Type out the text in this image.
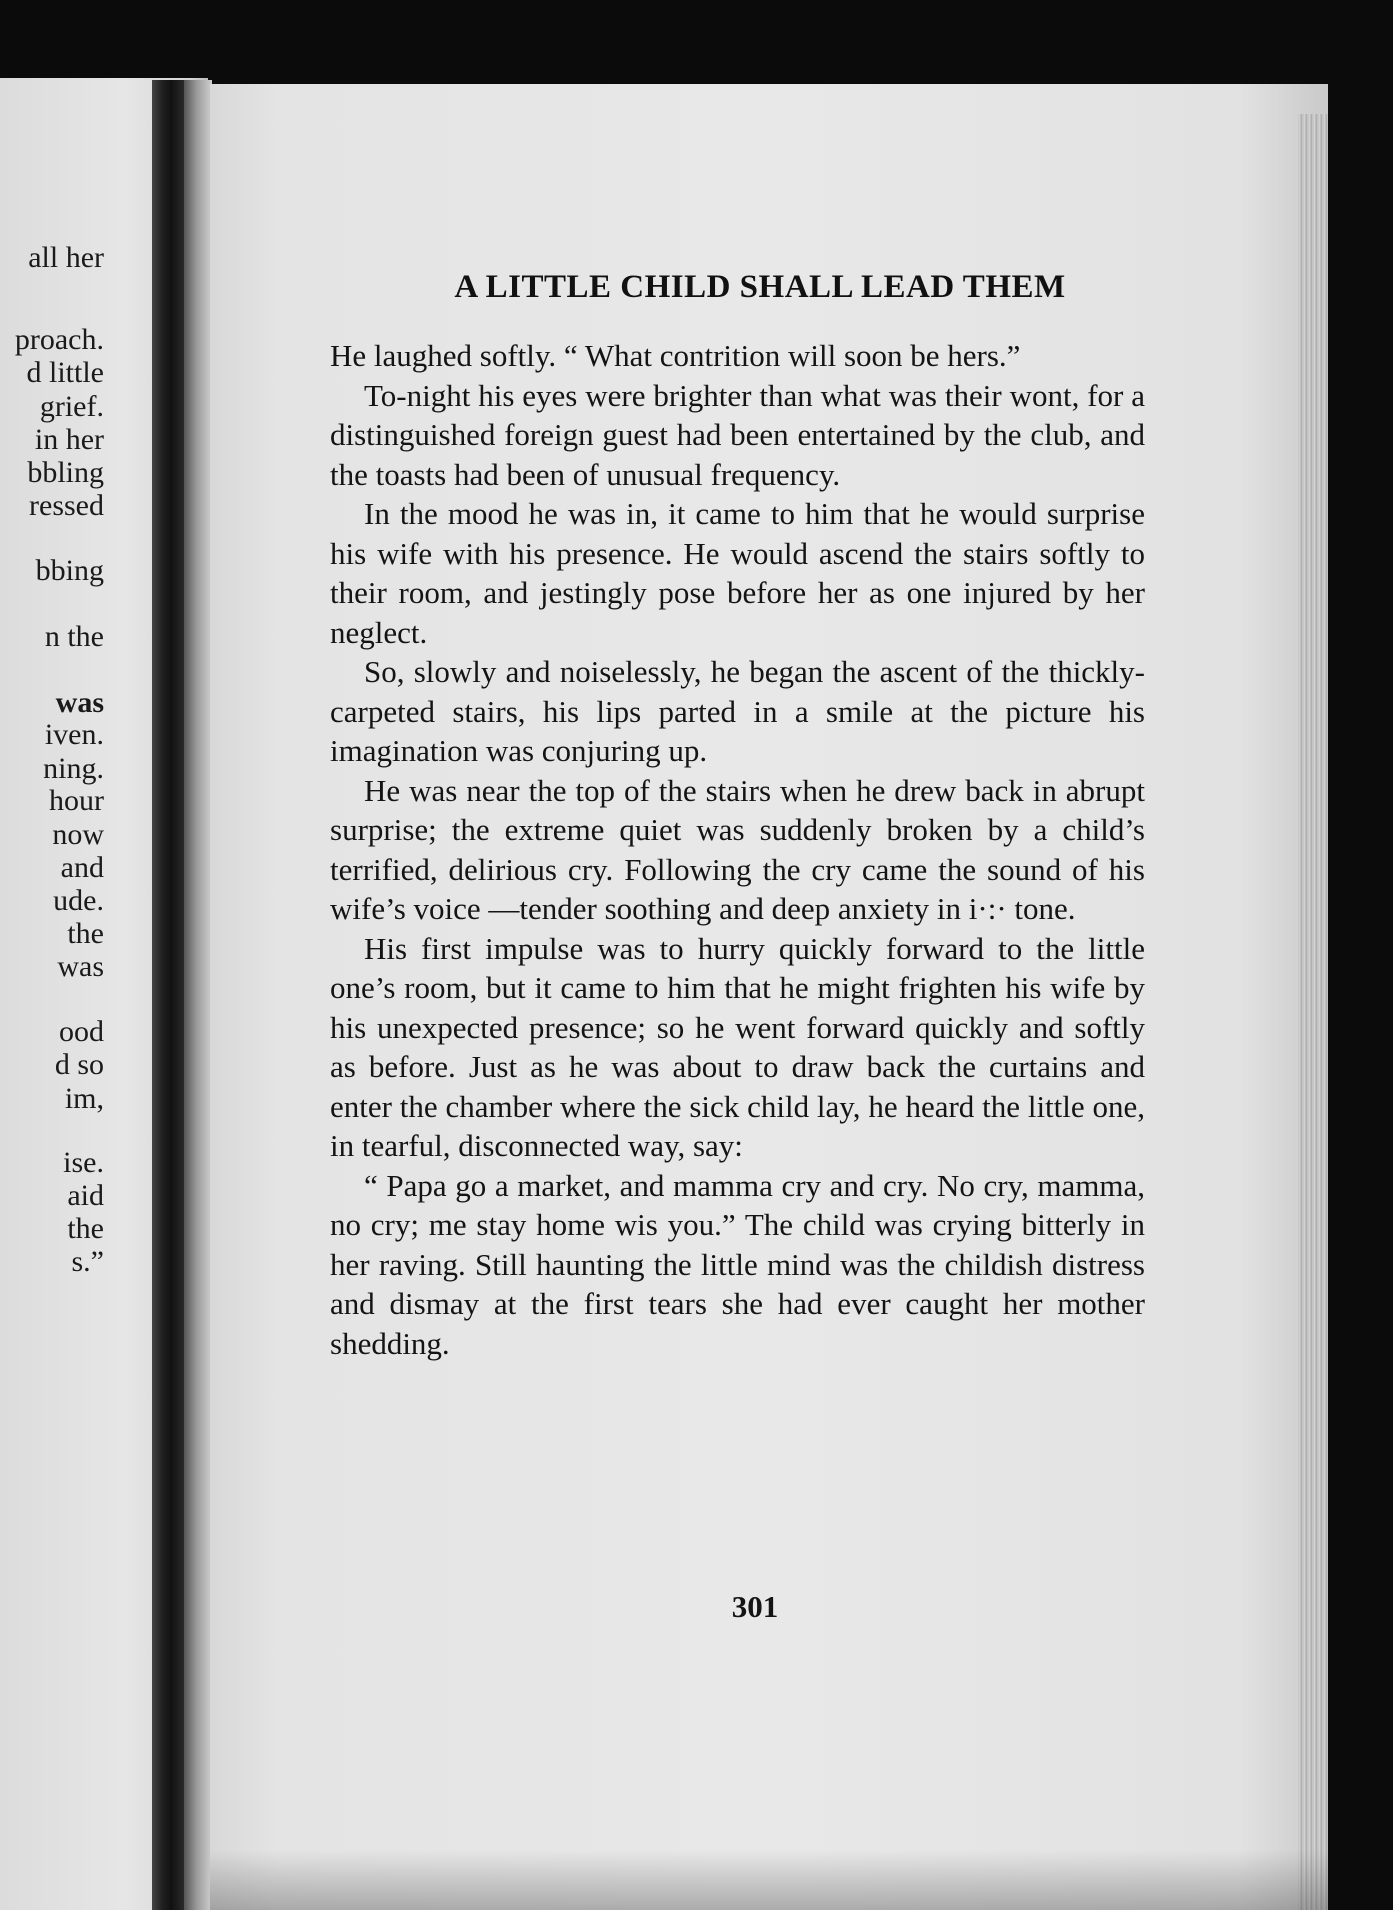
all her
proach.
d little
grief.
in her
bbling
ressed
bbing
n the
was
iven.
ning.
hour
now
and
ude.
the
was
ood
d so
im,
ise.
aid
the
s.”
A LITTLE CHILD SHALL LEAD THEM

He laughed softly. “ What contrition will soon be hers.”

To-night his eyes were brighter than what was their wont, for a distinguished foreign guest had been entertained by the club, and the toasts had been of unusual frequency.

In the mood he was in, it came to him that he would surprise his wife with his presence. He would ascend the stairs softly to their room, and jestingly pose before her as one injured by her neglect.

So, slowly and noiselessly, he began the ascent of the thickly-carpeted stairs, his lips parted in a smile at the picture his imagination was conjuring up.

He was near the top of the stairs when he drew back in abrupt surprise; the extreme quiet was suddenly broken by a child’s terrified, delirious cry. Following the cry came the sound of his wife’s voice —tender soothing and deep anxiety in i·:· tone.

His first impulse was to hurry quickly forward to the little one’s room, but it came to him that he might frighten his wife by his unexpected presence; so he went forward quickly and softly as before. Just as he was about to draw back the curtains and enter the chamber where the sick child lay, he heard the little one, in tearful, disconnected way, say:

“ Papa go a market, and mamma cry and cry. No cry, mamma, no cry; me stay home wis you.” The child was crying bitterly in her raving. Still haunting the little mind was the childish distress and dismay at the first tears she had ever caught her mother shedding.

301
